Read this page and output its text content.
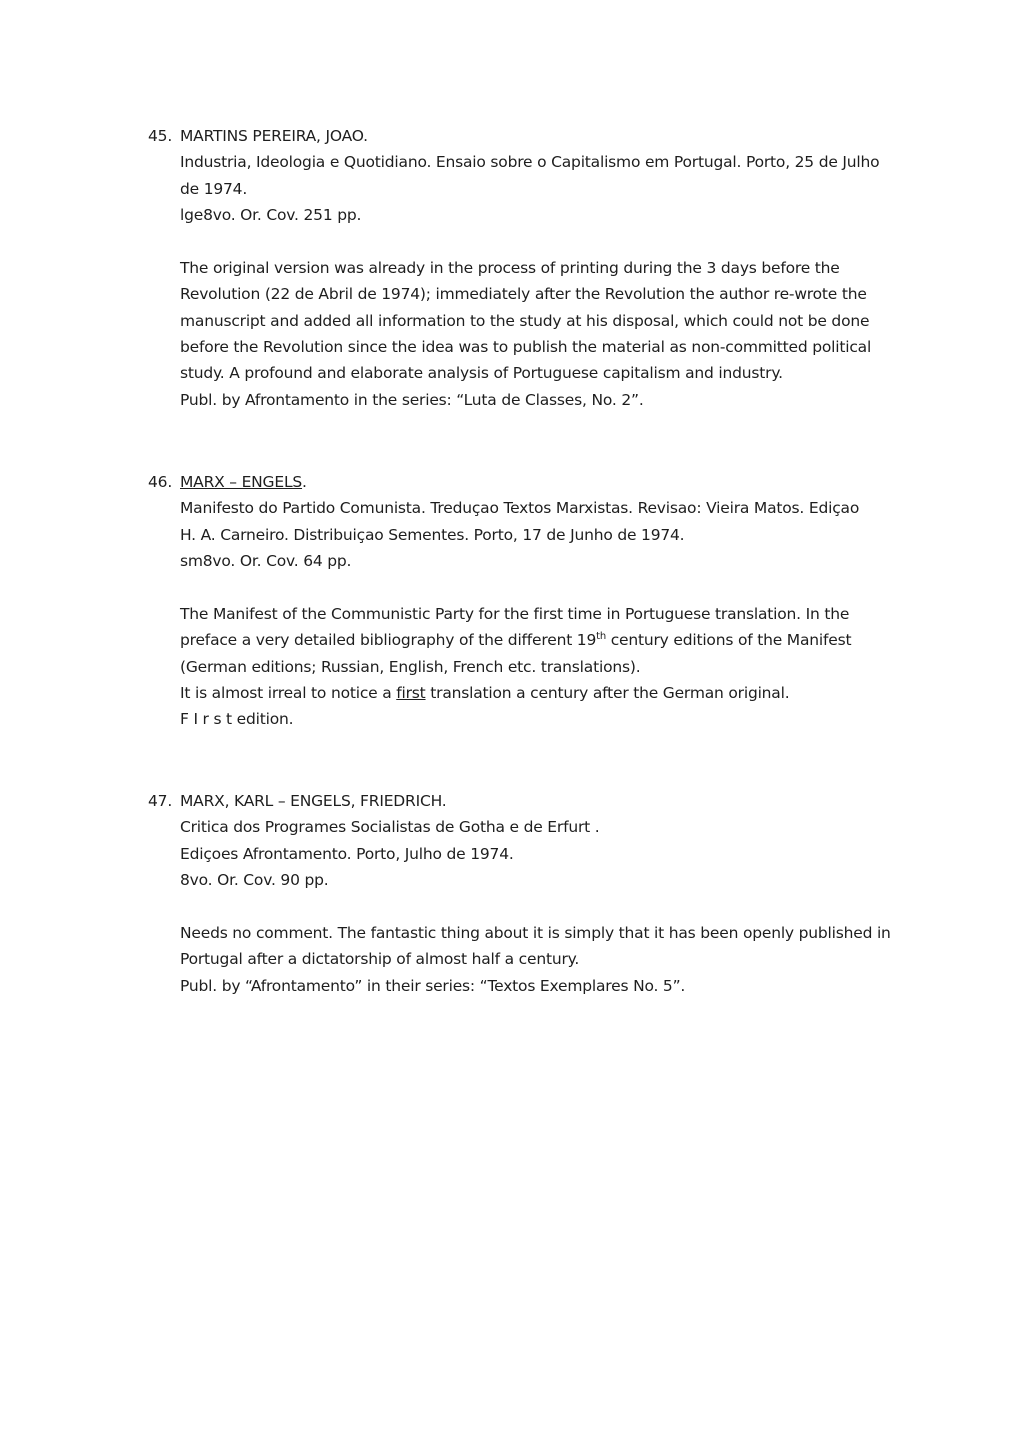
45. MARTINS PEREIRA, JOAO.
Industria, Ideologia e Quotidiano. Ensaio sobre o Capitalismo em Portugal. Porto, 25 de Julho
de 1974.
lge8vo. Or. Cov. 251 pp.
The original version was already in the process of printing during the 3 days before the
Revolution (22 de Abril de 1974); immediately after the Revolution the author re-wrote the
manuscript and added all information to the study at his disposal, which could not be done
before the Revolution since the idea was to publish the material as non-committed political
study. A profound and elaborate analysis of Portuguese capitalism and industry.
Publ. by Afrontamento in the series: “Luta de Classes, No. 2”.
46. MARX – ENGELS.
Manifesto do Partido Comunista. Treduçao Textos Marxistas. Revisao: Vieira Matos. Ediçao
H. A. Carneiro. Distribuiçao Sementes. Porto, 17 de Junho de 1974.
sm8vo. Or. Cov. 64 pp.
The Manifest of the Communistic Party for the first time in Portuguese translation. In the
preface a very detailed bibliography of the different 19th century editions of the Manifest
(German editions; Russian, English, French etc. translations).
It is almost irreal to notice a first translation a century after the German original.
F I r s t edition.
47. MARX, KARL – ENGELS, FRIEDRICH.
Critica dos Programes Socialistas de Gotha e de Erfurt .
Ediçoes Afrontamento. Porto, Julho de 1974.
8vo. Or. Cov. 90 pp.
Needs no comment. The fantastic thing about it is simply that it has been openly published in
Portugal after a dictatorship of almost half a century.
Publ. by “Afrontamento” in their series: “Textos Exemplares No. 5”.
